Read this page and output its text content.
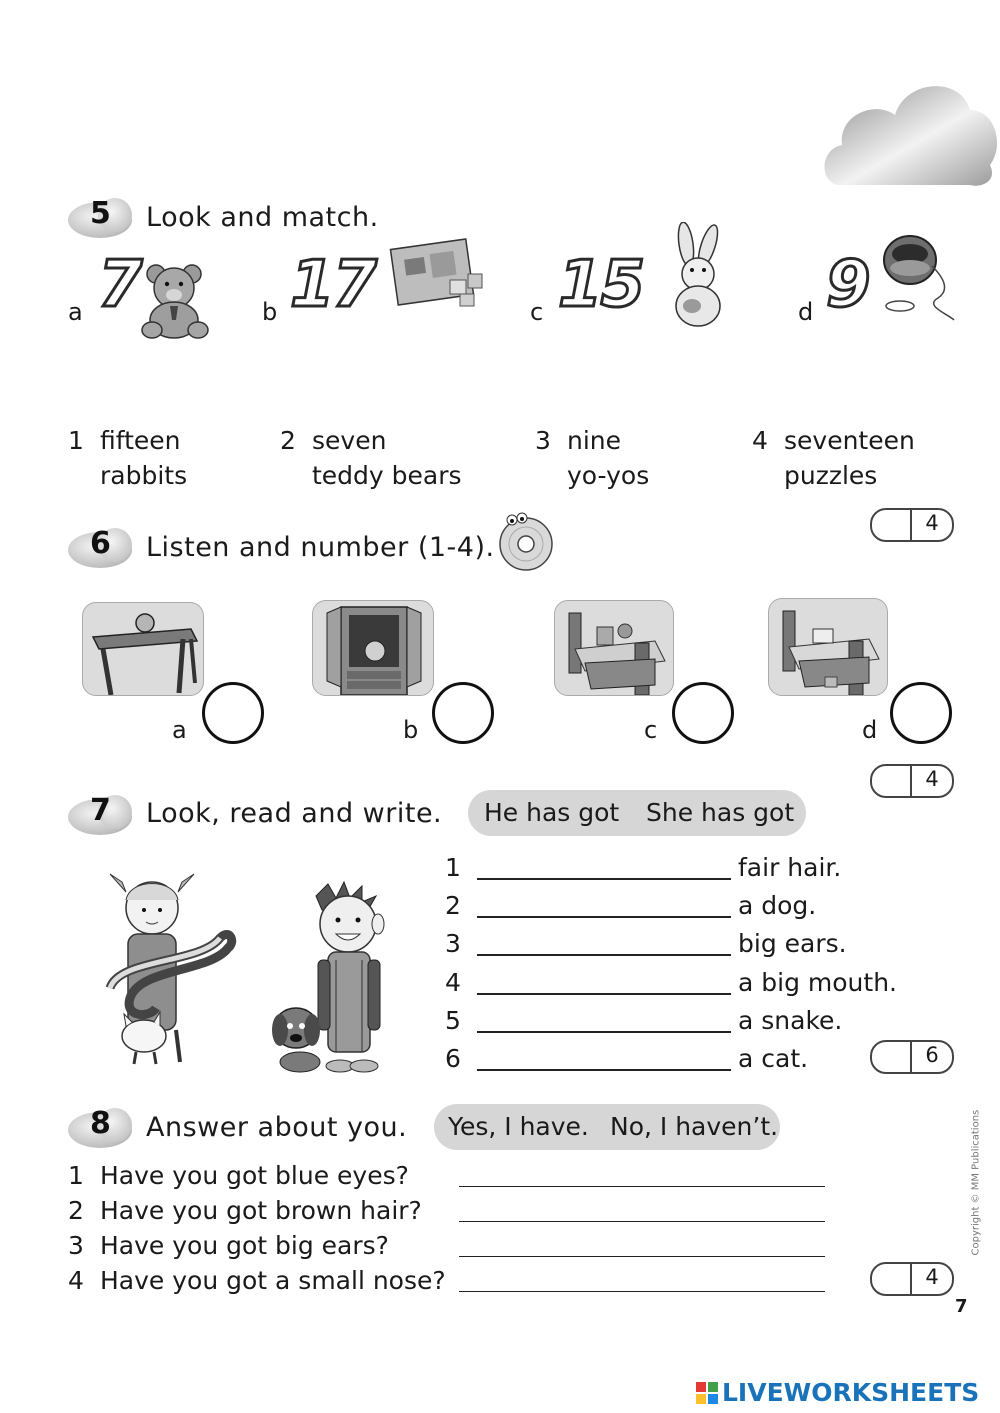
5 Look and match.
a 7	b 17	c 15	d 9
1 fifteen
rabbits
2 seven
teddy bears
3 nine
yo-yos
4 seventeen
puzzles
4
6 Listen and number (1-4).
a	b	c	d
4
7 Look, read and write. He has got She has got
1	fair hair.
2	a dog.
3	big ears.
4	a big mouth.
5	a snake.
6	a cat.	6
8 Answer about you. Yes, I have. No, I haven’t.
1 Have you got blue eyes?
2 Have you got brown hair?
3 Have you got big ears?
4 Have you got a small nose?	4
Copyright © MM Publications
7
LIVEWORKSHEETS
